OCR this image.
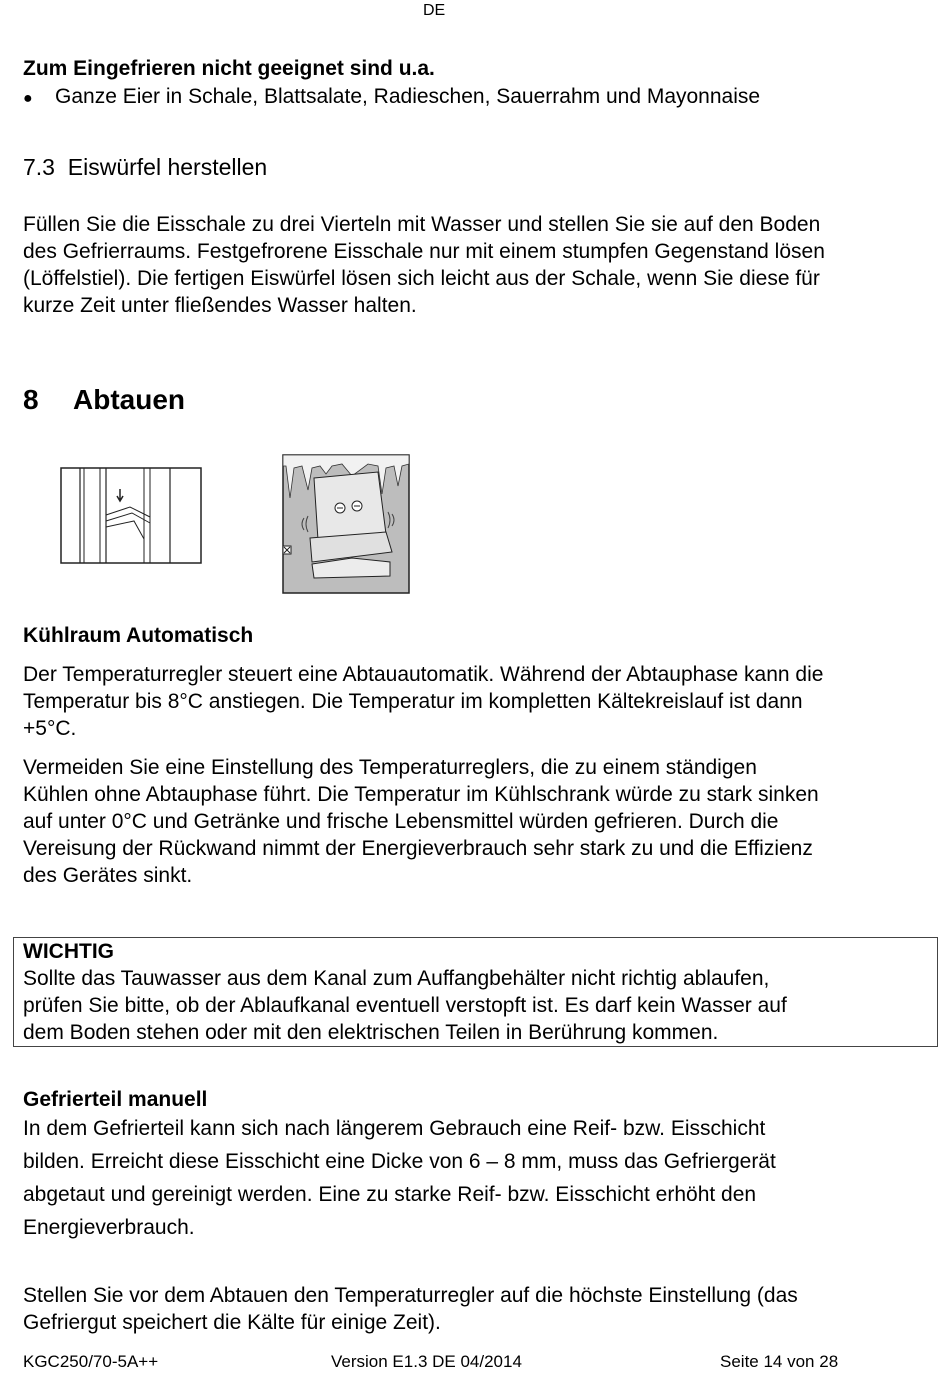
DE
Zum Eingefrieren nicht geeignet sind u.a.
●	Ganze Eier in Schale, Blattsalate, Radieschen, Sauerrahm und Mayonnaise
7.3  Eiswürfel herstellen
Füllen Sie die Eisschale zu drei Vierteln mit Wasser und stellen Sie sie auf den Boden
des Gefrierraums. Festgefrorene Eisschale nur mit einem stumpfen Gegenstand lösen
(Löffelstiel). Die fertigen Eiswürfel lösen sich leicht aus der Schale, wenn Sie diese für
kurze Zeit unter fließendes Wasser halten.
8 Abtauen
Kühlraum Automatisch
Der Temperaturregler steuert eine Abtauautomatik. Während der Abtauphase kann die
Temperatur bis 8°C anstiegen. Die Temperatur im kompletten Kältekreislauf ist dann
+5°C.
Vermeiden Sie eine Einstellung des Temperaturreglers, die zu einem ständigen
Kühlen ohne Abtauphase führt. Die Temperatur im Kühlschrank würde zu stark sinken
auf unter 0°C und Getränke und frische Lebensmittel würden gefrieren. Durch die
Vereisung der Rückwand nimmt der Energieverbrauch sehr stark zu und die Effizienz
des Gerätes sinkt.
WICHTIG
Sollte das Tauwasser aus dem Kanal zum Auffangbehälter nicht richtig ablaufen,
prüfen Sie bitte, ob der Ablaufkanal eventuell verstopft ist. Es darf kein Wasser auf
dem Boden stehen oder mit den elektrischen Teilen in Berührung kommen.
Gefrierteil manuell
In dem Gefrierteil kann sich nach längerem Gebrauch eine Reif- bzw. Eisschicht
bilden. Erreicht diese Eisschicht eine Dicke von 6 – 8 mm, muss das Gefriergerät
abgetaut und gereinigt werden. Eine zu starke Reif- bzw. Eisschicht erhöht den
Energieverbrauch.
Stellen Sie vor dem Abtauen den Temperaturregler auf die höchste Einstellung (das
Gefriergut speichert die Kälte für einige Zeit).
KGC250/70-5A++	Version E1.3 DE 04/2014	Seite 14 von 28
